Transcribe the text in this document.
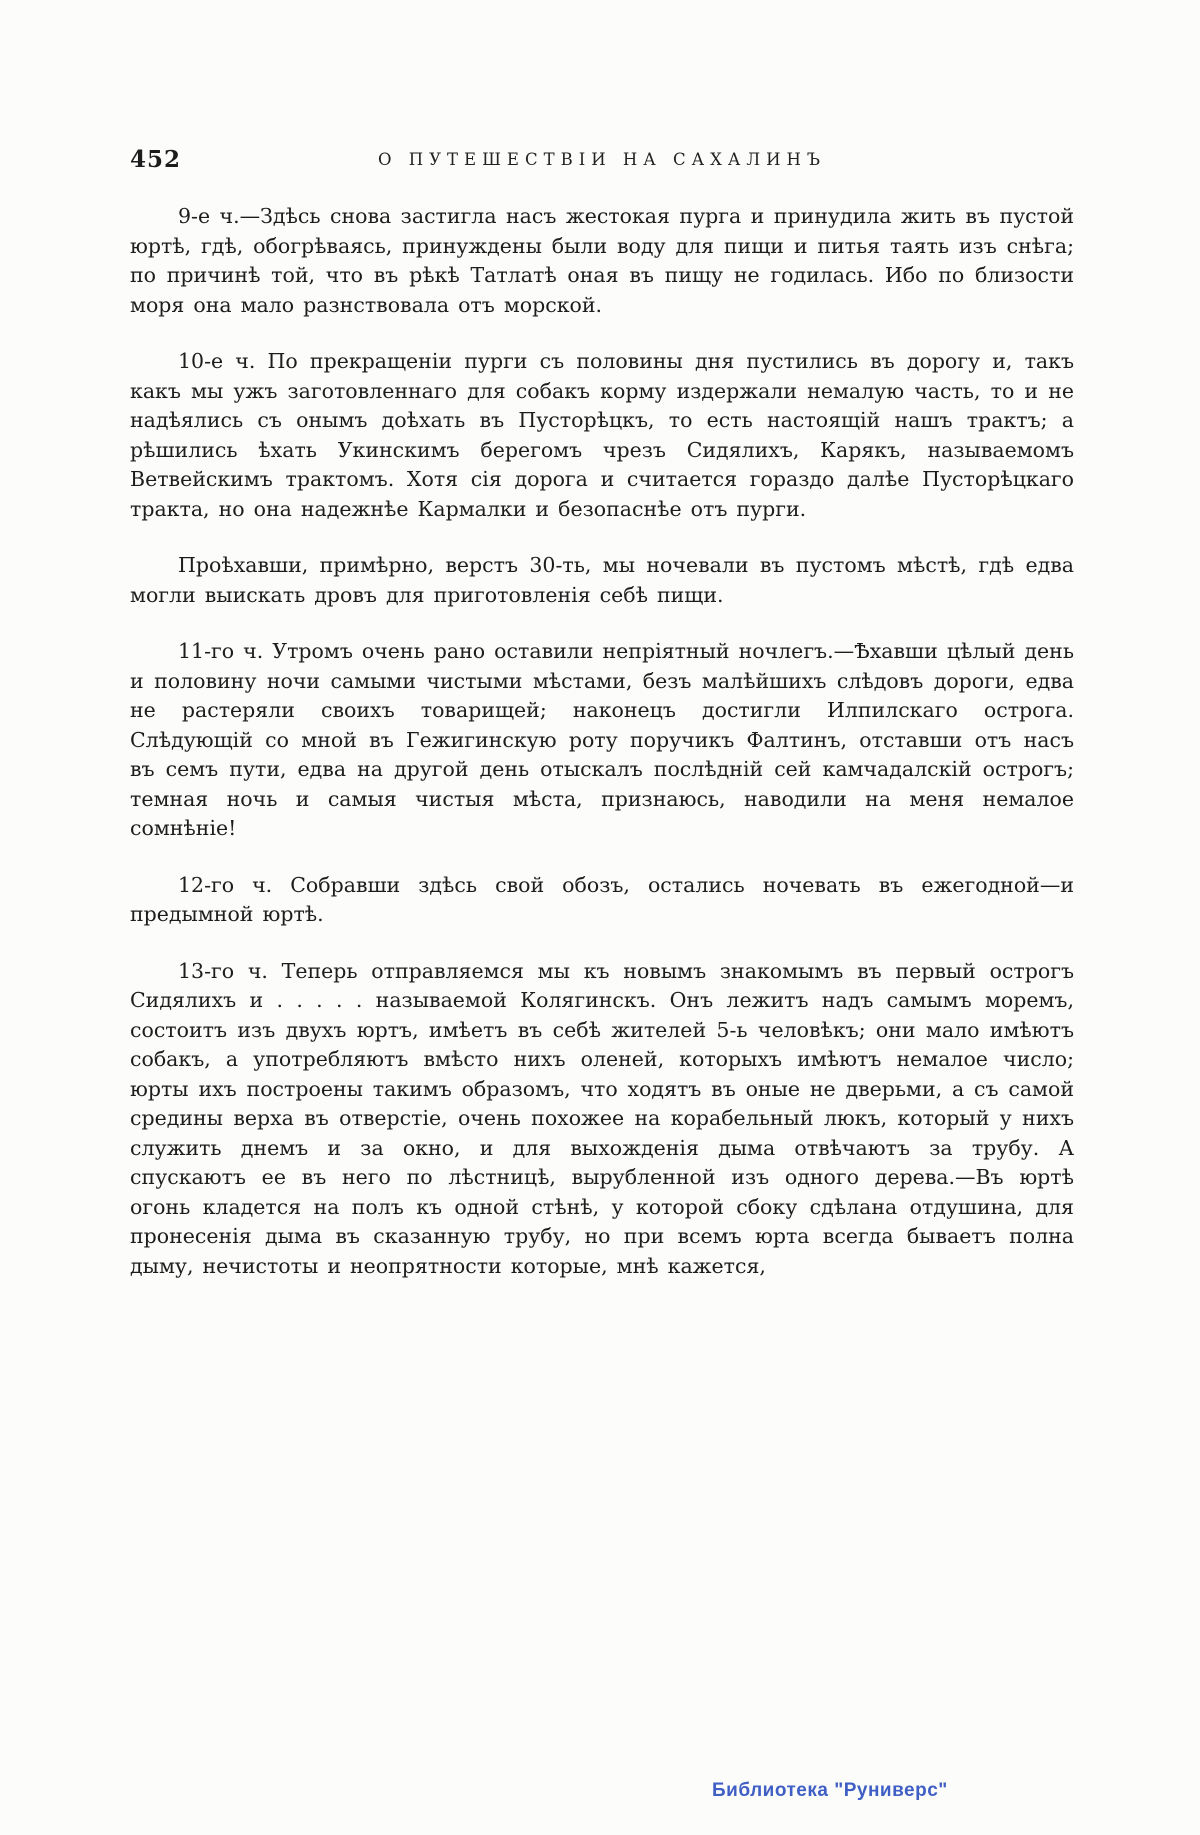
452	О ПУТЕШЕСТВІИ НА САХАЛИНЪ

9-е ч.—Здѣсь снова застигла насъ жестокая пурга и принудила жить въ пустой юртѣ, гдѣ, обогрѣваясь, принуждены были воду для пищи и питья таять изъ снѣга; по причинѣ той, что въ рѣкѣ Татлатѣ оная въ пищу не годилась. Ибо по близости моря она мало разнствовала отъ морской.

10-е ч. По прекращеніи пурги съ половины дня пустились въ дорогу и, такъ какъ мы ужъ заготовленнаго для собакъ корму издержали немалую часть, то и не надѣялись съ онымъ доѣхать въ Пусторѣцкъ, то есть настоящій нашъ трактъ; а рѣшились ѣхать Укинскимъ берегомъ чрезъ Сидялихъ, Карякъ, называемомъ Ветвейскимъ трактомъ. Хотя сія дорога и считается гораздо далѣе Пусторѣцкаго тракта, но она надежнѣе Кармалки и безопаснѣе отъ пурги.

Проѣхавши, примѣрно, верстъ 30-ть, мы ночевали въ пустомъ мѣстѣ, гдѣ едва могли выискать дровъ для приготовленія себѣ пищи.

11-го ч. Утромъ очень рано оставили непріятный ночлегъ.—Ѣхавши цѣлый день и половину ночи самыми чистыми мѣстами, безъ малѣйшихъ слѣдовъ дороги, едва не растеряли своихъ товарищей; наконецъ достигли Илпилскаго острога. Слѣдующій со мной въ Гежигинскую роту поручикъ Фалтинъ, отставши отъ насъ въ семъ пути, едва на другой день отыскалъ послѣдній сей камчадалскій острогъ; темная ночь и самыя чистыя мѣста, признаюсь, наводили на меня немалое сомнѣніе!

12-го ч. Собравши здѣсь свой обозъ, остались ночевать въ ежегодной—и предымной юртѣ.

13-го ч. Теперь отправляемся мы къ новымъ знакомымъ въ первый острогъ Сидялихъ и . . . . . называемой Колягинскъ. Онъ лежитъ надъ самымъ моремъ, состоитъ изъ двухъ юртъ, имѣетъ въ себѣ жителей 5-ь человѣкъ; они мало имѣютъ собакъ, а употребляютъ вмѣсто нихъ оленей, которыхъ имѣютъ немалое число; юрты ихъ построены такимъ образомъ, что ходятъ въ оные не дверьми, а съ самой средины верха въ отверстіе, очень похожее на корабельный люкъ, который у нихъ служить днемъ и за окно, и для выхожденія дыма отвѣчаютъ за трубу. А спускаютъ ее въ него по лѣстницѣ, вырубленной изъ одного дерева.—Въ юртѣ огонь кладется на полъ къ одной стѣнѣ, у которой сбоку сдѣлана отдушина, для пронесенія дыма въ сказанную трубу, но при всемъ юрта всегда бываетъ полна дыму, нечистоты и неопрятности которые, мнѣ кажется,

Библиотека "Руниверс"
